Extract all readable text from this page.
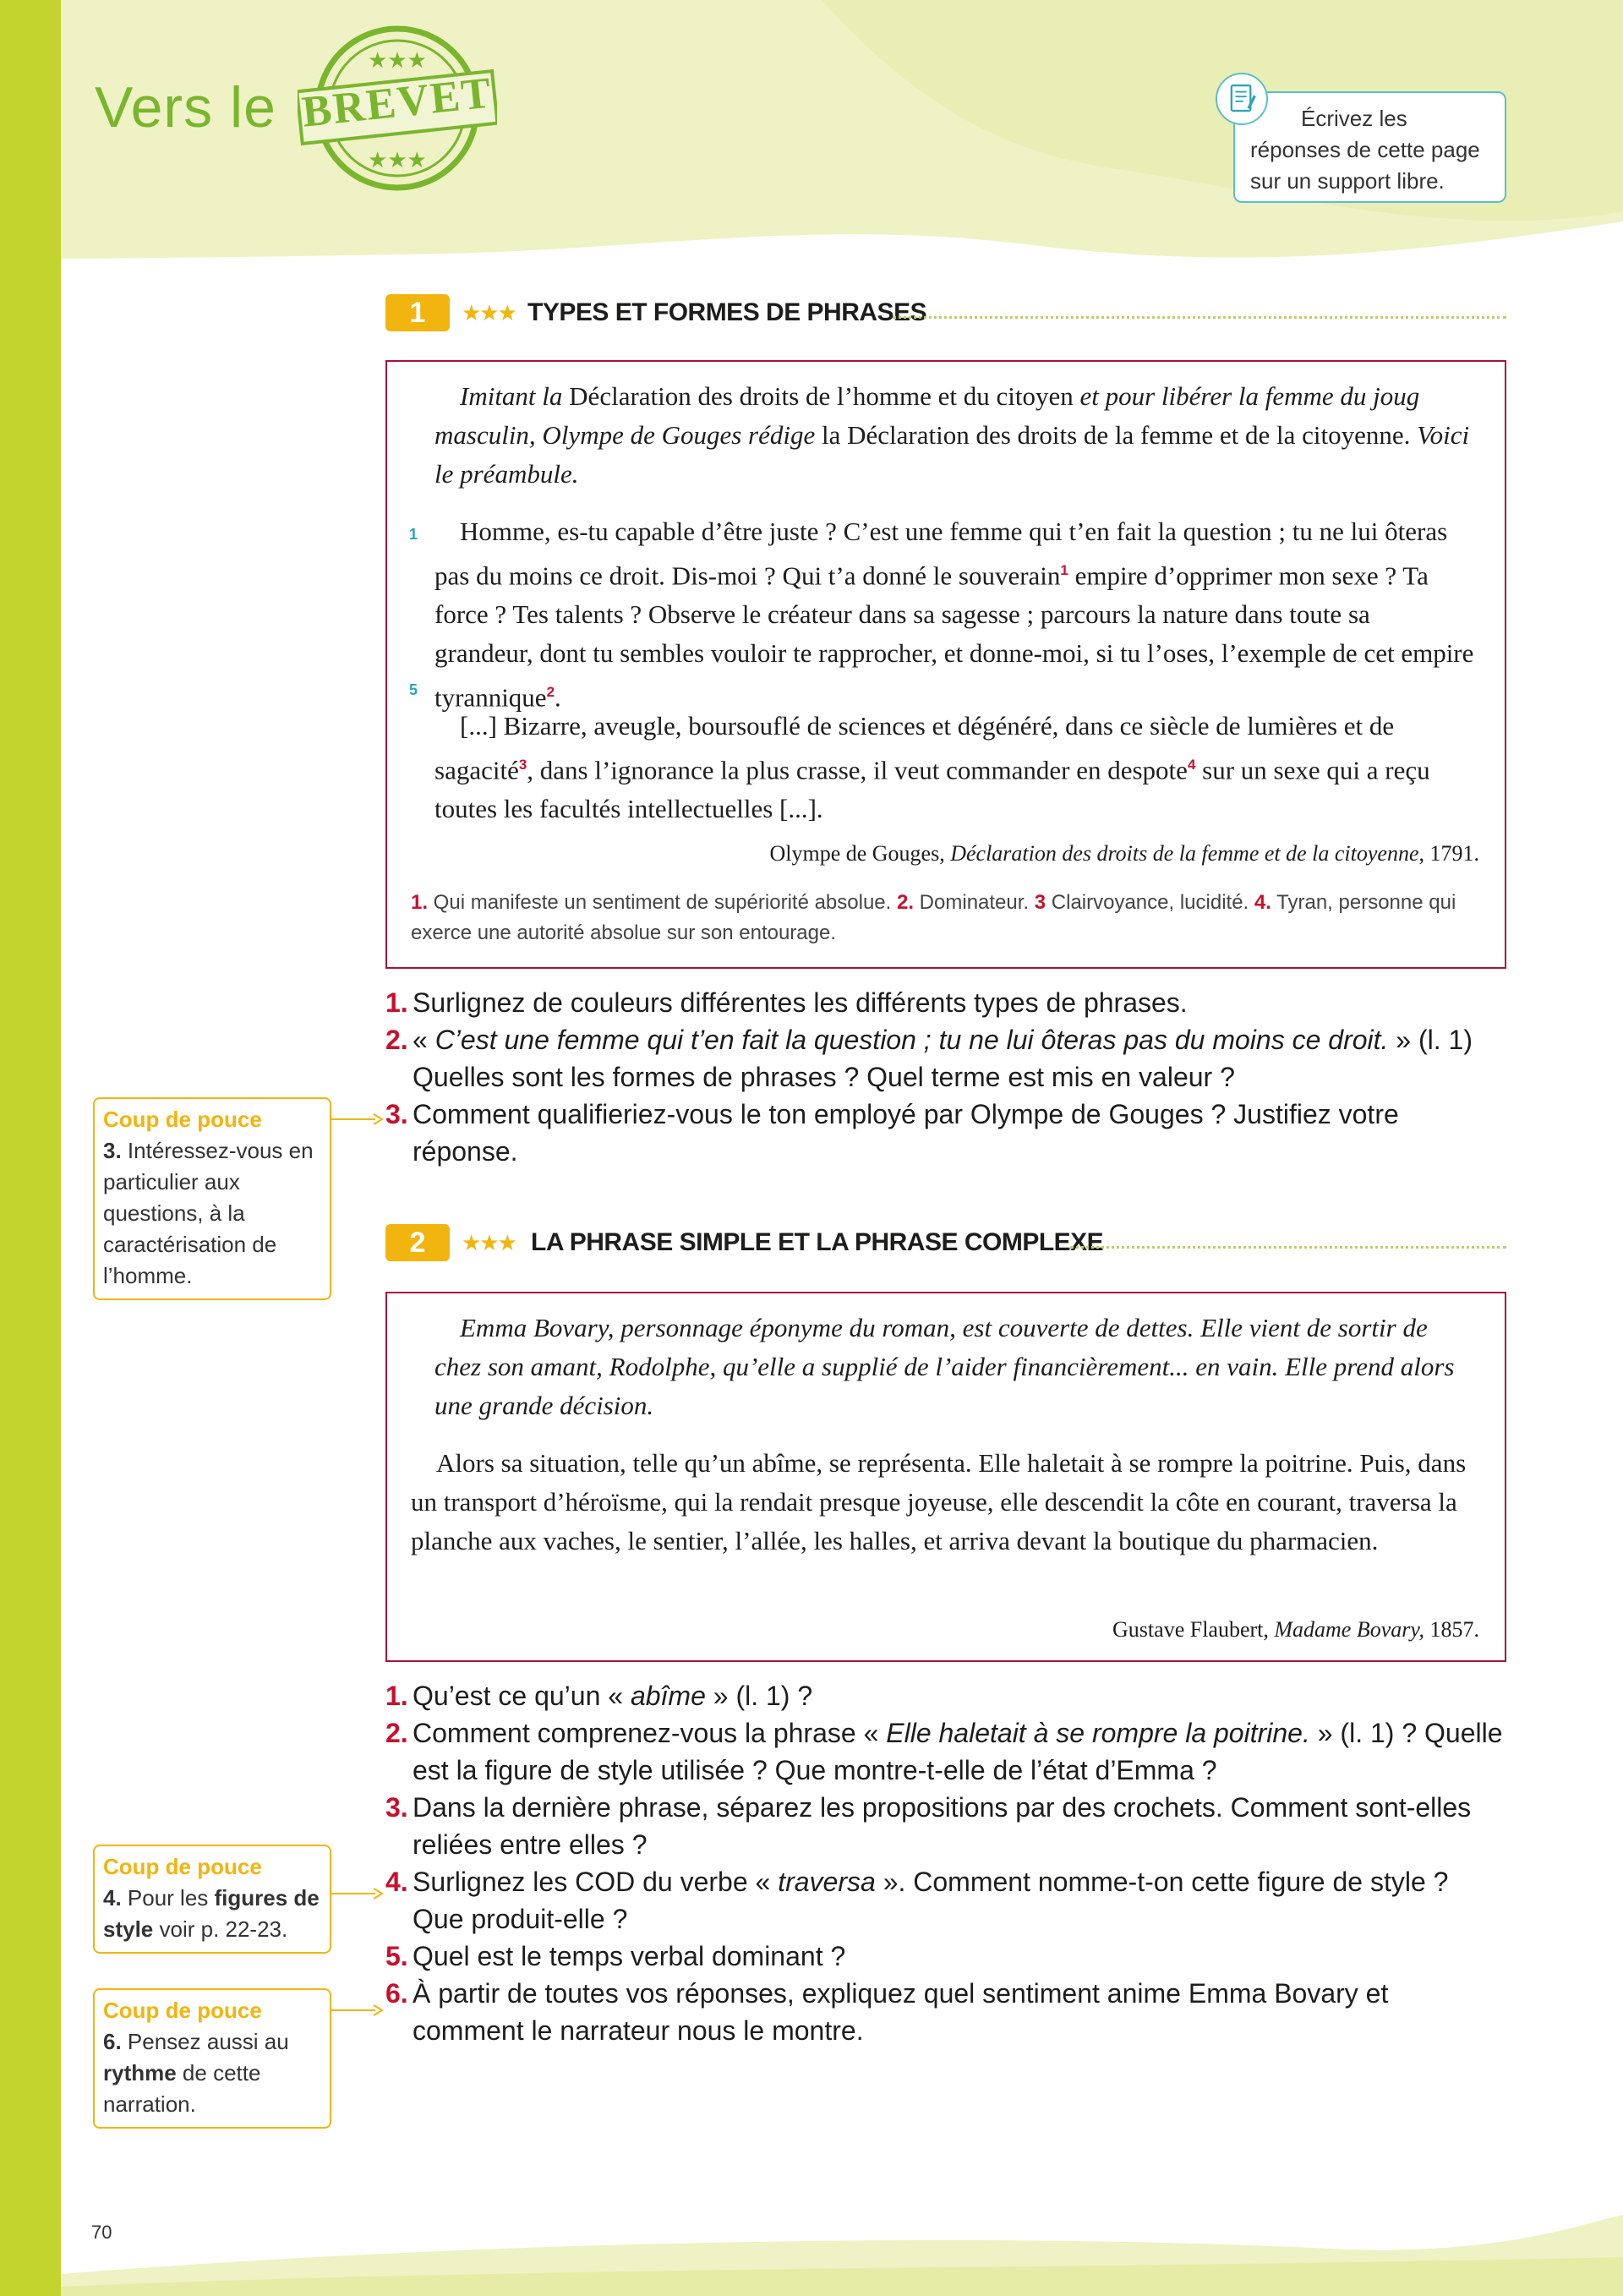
Vers le
★★★
★★★
BREVET	Écrivez les
réponses de cette page
sur un support libre.
1	★★★ TYPES ET FORMES DE PHRASES
Imitant la Déclaration des droits de l’homme et du citoyen et pour libérer la femme du joug masculin, Olympe de Gouges rédige la Déclaration des droits de la femme et de la citoyenne. Voici le préambule.
1
5
Homme, es-tu capable d’être juste ? C’est une femme qui t’en fait la question ; tu ne lui ôteras pas du moins ce droit. Dis-moi ? Qui t’a donné le souverain$^1$ empire d’opprimer mon sexe ? Ta force ? Tes talents ? Observe le créateur dans sa sagesse ; parcours la nature dans toute sa grandeur, dont tu sembles vouloir te rapprocher, et donne-moi, si tu l’oses, l’exemple de cet empire tyrannique$^2$.
[...] Bizarre, aveugle, boursouflé de sciences et dégénéré, dans ce siècle de lumières et de sagacité$^3$, dans l’ignorance la plus crasse, il veut commander en despote$^4$ sur un sexe qui a reçu toutes les facultés intellectuelles [...].
Olympe de Gouges, Déclaration des droits de la femme et de la citoyenne, 1791.
1. Qui manifeste un sentiment de supériorité absolue. 2. Dominateur. 3 Clairvoyance, lucidité. 4. Tyran, personne qui exerce une autorité absolue sur son entourage.
1. Surlignez de couleurs différentes les différents types de phrases.
2. « C’est une femme qui t’en fait la question ; tu ne lui ôteras pas du moins ce droit. » (l. 1) Quelles sont les formes de phrases ? Quel terme est mis en valeur ?
3. Comment qualifieriez-vous le ton employé par Olympe de Gouges ? Justifiez votre réponse.
Coup de pouce
3. Intéressez-vous en particulier aux questions, à la caractérisation de l’homme.
2	★★★ LA PHRASE SIMPLE ET LA PHRASE COMPLEXE
Emma Bovary, personnage éponyme du roman, est couverte de dettes. Elle vient de sortir de chez son amant, Rodolphe, qu’elle a supplié de l’aider financièrement... en vain. Elle prend alors une grande décision.
Alors sa situation, telle qu’un abîme, se représenta. Elle haletait à se rompre la poitrine. Puis, dans un transport d’héroïsme, qui la rendait presque joyeuse, elle descendit la côte en courant, traversa la planche aux vaches, le sentier, l’allée, les halles, et arriva devant la boutique du pharmacien.
Gustave Flaubert, Madame Bovary, 1857.
1. Qu’est ce qu’un « abîme » (l. 1) ?
2. Comment comprenez-vous la phrase « Elle haletait à se rompre la poitrine. » (l. 1) ? Quelle est la figure de style utilisée ? Que montre-t-elle de l’état d’Emma ?
3. Dans la dernière phrase, séparez les propositions par des crochets. Comment sont-elles reliées entre elles ?
4. Surlignez les COD du verbe « traversa ». Comment nomme-t-on cette figure de style ? Que produit-elle ?
5. Quel est le temps verbal dominant ?
6. À partir de toutes vos réponses, expliquez quel sentiment anime Emma Bovary et comment le narrateur nous le montre.
Coup de pouce
4. Pour les figures de style voir p. 22-23.
Coup de pouce
6. Pensez aussi au rythme de cette narration.
70
